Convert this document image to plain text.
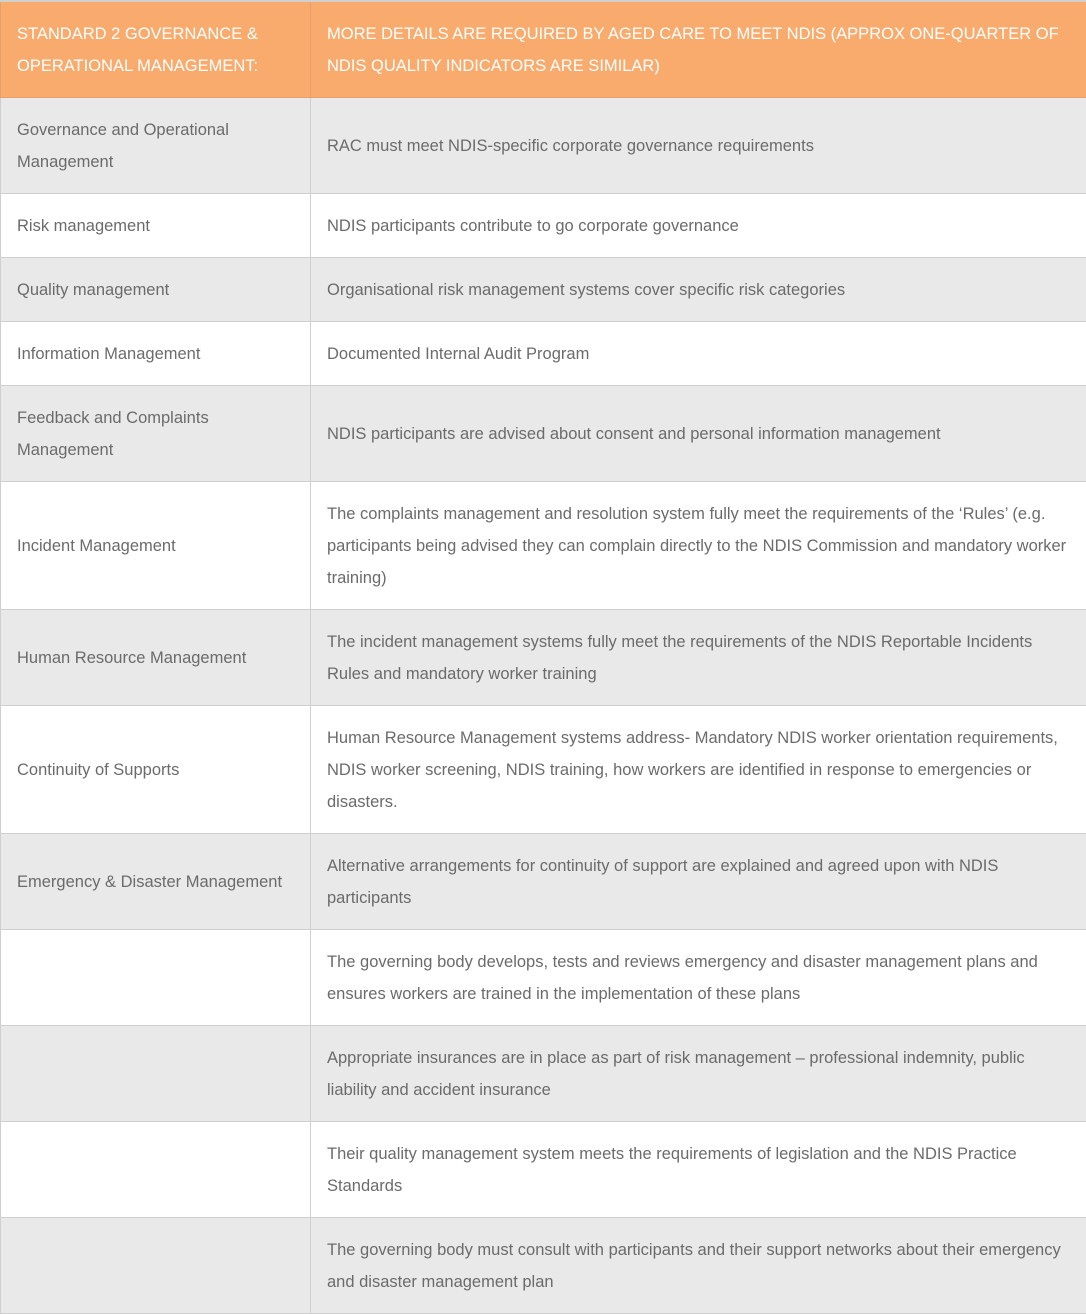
STANDARD 2 GOVERNANCE & OPERATIONAL MANAGEMENT:	MORE DETAILS ARE REQUIRED BY AGED CARE TO MEET NDIS (APPROX ONE-QUARTER OF NDIS QUALITY INDICATORS ARE SIMILAR)
Governance and Operational Management	RAC must meet NDIS-specific corporate governance requirements
Risk management	NDIS participants contribute to go corporate governance
Quality management	Organisational risk management systems cover specific risk categories
Information Management	Documented Internal Audit Program
Feedback and Complaints Management	NDIS participants are advised about consent and personal information management
Incident Management	The complaints management and resolution system fully meet the requirements of the ‘Rules’ (e.g. participants being advised they can complain directly to the NDIS Commission and mandatory worker training)
Human Resource Management	The incident management systems fully meet the requirements of the NDIS Reportable Incidents Rules and mandatory worker training
Continuity of Supports	Human Resource Management systems address- Mandatory NDIS worker orientation requirements, NDIS worker screening, NDIS training, how workers are identified in response to emergencies or disasters.
Emergency & Disaster Management	Alternative arrangements for continuity of support are explained and agreed upon with NDIS participants
	The governing body develops, tests and reviews emergency and disaster management plans and ensures workers are trained in the implementation of these plans
	Appropriate insurances are in place as part of risk management – professional indemnity, public liability and accident insurance
	Their quality management system meets the requirements of legislation and the NDIS Practice Standards
	The governing body must consult with participants and their support networks about their emergency and disaster management plan
